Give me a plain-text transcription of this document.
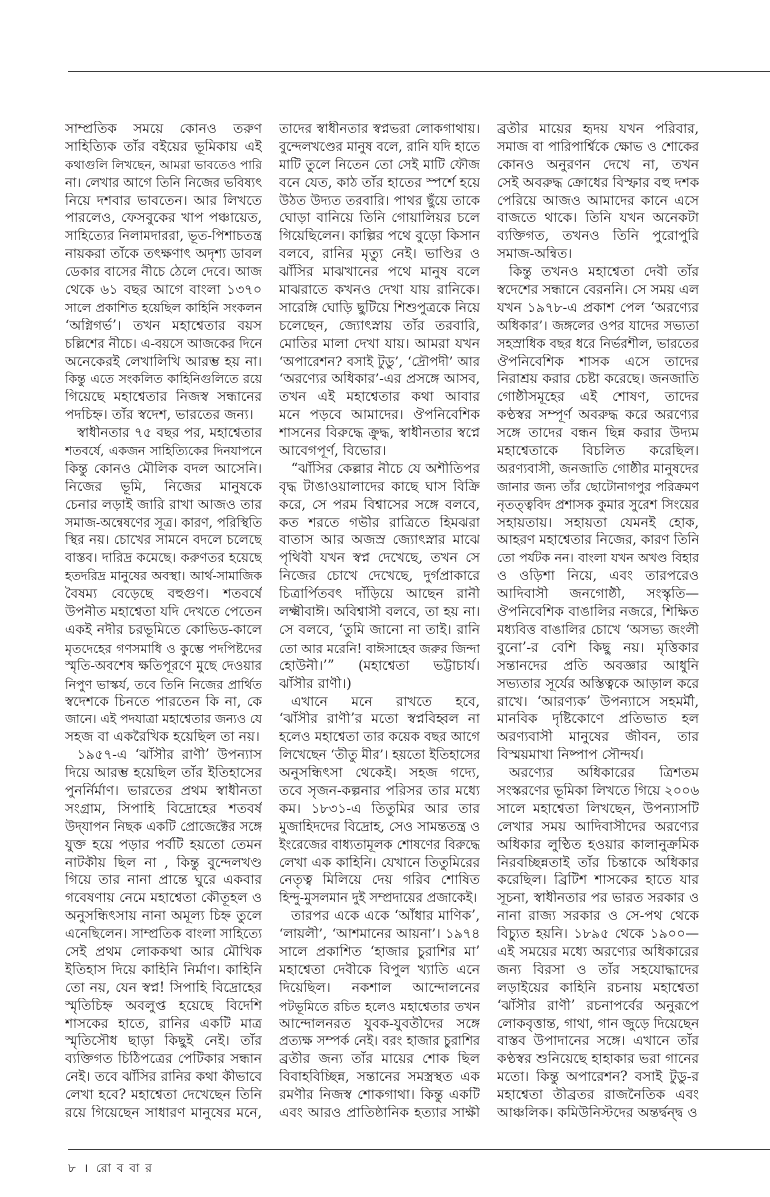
সাম্প্রতিক সময়ে কোনও তরুণ
সাহিত্যিক তাঁর বইয়ের ভূমিকায় এই
কথাগুলি লিখছেন, আমরা ভাবতেও পারি
না। লেখার আগে তিনি নিজের ভবিষ্যৎ
নিয়ে দশবার ভাবতেন। আর লিখতে
পারলেও, ফেসবুকের খাপ পঞ্চায়েত,
সাহিত্যের নিলামদাররা, ভূত-পিশাচতন্ত্র
নায়করা তাঁকে তৎক্ষণাৎ অদৃশ্য ডাবল
ডেকার বাসের নীচে ঠেলে দেবে। আজ
থেকে ৬১ বছর আগে বাংলা ১৩৭০
সালে প্রকাশিত হয়েছিল কাহিনি সংকলন
‘অগ্নিগর্ভ’। তখন মহাশ্বেতার বয়স
চল্লিশের নীচে। এ-বয়সে আজকের দিনে
অনেকেরই লেখালিখি আরম্ভ হয় না।
কিন্তু এতে সংকলিত কাহিনিগুলিতে রয়ে
গিয়েছে মহাশ্বেতার নিজস্ব সন্ধানের
পদচিহ্ন। তাঁর স্বদেশ, ভারতের জন্য।
স্বাধীনতার ৭৫ বছর পর, মহাশ্বেতার
শতবর্ষে, একজন সাহিত্যিকের দিনযাপনে
কিন্তু কোনও মৌলিক বদল আসেনি।
নিজের ভূমি, নিজের মানুষকে
চেনার লড়াই জারি রাখা আজও তার
সমাজ-অন্বেষণের সূত্র। কারণ, পরিস্থিতি
স্থির নয়। চোখের সামনে বদলে চলেছে
বাস্তব। দারিদ্র কমেছে। করুণতর হয়েছে
হতদরিদ্র মানুষের অবস্থা। আর্থ-সামাজিক
বৈষম্য বেড়েছে বহুগুণ। শতবর্ষে
উপনীত মহাশ্বেতা যদি দেখতে পেতেন
একই নদীর চরভূমিতে কোভিড-কালে
মৃতদেহের গণসমাধি ও কুম্ভে পদপিষ্টদের
স্মৃতি-অবশেষ ক্ষতিপূরণে মুছে দেওয়ার
নিপুণ ভাস্কর্য, তবে তিনি নিজের প্রার্থিত
স্বদেশকে চিনতে পারতেন কি না, কে
জানে। এই পদযাত্রা মহাশ্বেতার জন্যও যে
সহজ বা একরৈখিক হয়েছিল তা নয়।
১৯৫৭-এ ‘ঝাঁসীর রাণী’ উপন্যাস
দিয়ে আরম্ভ হয়েছিল তাঁর ইতিহাসের
পুনর্নির্মাণ। ভারতের প্রথম স্বাধীনতা
সংগ্রাম, সিপাহি বিদ্রোহের শতবর্ষ
উদ্‌যাপন নিছক একটি প্রোজেক্টের সঙ্গে
যুক্ত হয়ে পড়ার পর্বটি হয়তো তেমন
নাটকীয় ছিল না , কিন্তু বুন্দেলখণ্ড
গিয়ে তার নানা প্রান্তে ঘুরে একবার
গবেষণায় নেমে মহাশ্বেতা কৌতূহল ও
অনুসন্ধিৎসায় নানা অমূল্য চিহ্ন তুলে
এনেছিলেন। সাম্প্রতিক বাংলা সাহিত্যে
সেই প্রথম লোককথা আর মৌখিক
ইতিহাস দিয়ে কাহিনি নির্মাণ। কাহিনি
তো নয়, যেন স্বপ্ন! সিপাহি বিদ্রোহের
স্মৃতিচিহ্ন অবলুপ্ত হয়েছে বিদেশি
শাসকের হাতে, রানির একটি মাত্র
স্মৃতিসৌধ ছাড়া কিছুই নেই। তাঁর
ব্যক্তিগত চিঠিপত্রের পেটিকার সন্ধান
নেই। তবে ঝাঁসির রানির কথা কীভাবে
লেখা হবে? মহাশ্বেতা দেখেছেন তিনি
রয়ে গিয়েছেন সাধারণ মানুষের মনে,
তাদের স্বাধীনতার স্বপ্নভরা লোকগাথায়।
বুন্দেলখণ্ডের মানুষ বলে, রানি যদি হাতে
মাটি তুলে নিতেন তো সেই মাটি ফৌজ
বনে যেত, কাঠ তাঁর হাতের স্পর্শে হয়ে
উঠত উদ্যত তরবারি। পাথর ছুঁয়ে তাকে
ঘোড়া বানিয়ে তিনি গোয়ালিয়র চলে
গিয়েছিলেন। কাল্পির পথে বুড়ো কিসান
বলবে, রানির মৃত্যু নেই। ভাণ্ডির ও
ঝাঁসির মাঝখানের পথে মানুষ বলে
মাঝরাতে কখনও দেখা যায় রানিকে।
সারেঙ্গি ঘোড়ি ছুটিয়ে শিশুপুত্রকে নিয়ে
চলেছেন, জ্যোৎস্নায় তাঁর তরবারি,
মোতির মালা দেখা যায়। আমরা যখন
‘অপারেশন? বসাই টুডু’, ‘দ্রৌপদী’ আর
‘অরণ্যের অধিকার’-এর প্রসঙ্গে আসব,
তখন এই মহাশ্বেতার কথা আবার
মনে পড়বে আমাদের। ঔপনিবেশিক
শাসনের বিরুদ্ধে ক্রুদ্ধ, স্বাধীনতার স্বপ্নে
আবেগপূর্ণ, বিভোর।
“ঝাঁসির কেল্লার নীচে যে অশীতিপর
বৃদ্ধ টাঙাওয়ালাদের কাছে ঘাস বিক্রি
করে, সে পরম বিশ্বাসের সঙ্গে বলবে,
কত শরতে গভীর রাত্রিতে হিমঝরা
বাতাস আর অজস্র জ্যোৎস্নার মাঝে
পৃথিবী যখন স্বপ্ন দেখেছে, তখন সে
নিজের চোখে দেখেছে, দুর্গপ্রাকারে
চিত্রার্পিতবৎ দাঁড়িয়ে আছেন রানী
লক্ষ্মীবাঈ। অবিশ্বাসী বলবে, তা হয় না।
সে বলবে, ‘তুমি জানো না তাই। রানি
তো আর মরেনি! বাঈসাহেব জরুর জিন্দা
হোউনী।’” (মহাশ্বেতা ভট্টাচার্য।
ঝাঁসীর রাণী।)
এখানে মনে রাখতে হবে,
‘ঝাঁসীর রাণী’র মতো স্বপ্নবিহ্বল না
হলেও মহাশ্বেতা তার কয়েক বছর আগে
লিখেছেন ‘তীতু মীর’। হয়তো ইতিহাসের
অনুসন্ধিৎসা থেকেই। সহজ গদ্যে,
তবে সৃজন-কল্পনার পরিসর তার মধ্যে
কম। ১৮৩১-এ তিতুমির আর তার
মুজাহিদদের বিদ্রোহ, সেও সামন্ততন্ত্র ও
ইংরেজের বাধ্যতামূলক শোষণের বিরুদ্ধে
লেখা এক কাহিনি। যেখানে তিতুমিরের
নেতৃত্ব মিলিয়ে দেয় গরিব শোষিত
হিন্দু-মুসলমান দুই সম্প্রদায়ের প্রজাকেই।
তারপর একে একে ‘আঁধার মাণিক’,
‘লায়লী’, ‘আশমানের আয়না’। ১৯৭৪
সালে প্রকাশিত ‘হাজার চুরাশির মা’
মহাশ্বেতা দেবীকে বিপুল খ্যাতি এনে
দিয়েছিল। নকশাল আন্দোলনের
পটভূমিতে রচিত হলেও মহাশ্বেতার তখন
আন্দোলনরত যুবক-যুবতীদের সঙ্গে
প্রত্যক্ষ সম্পর্ক নেই। বরং হাজার চুরাশির
ব্রতীর জন্য তাঁর মায়ের শোক ছিল
বিবাহবিচ্ছিন্ন, সন্তানের সমস্ত্রস্থত এক
রমণীর নিজস্ব শোকগাথা। কিন্তু একটি
এবং আরও প্রাতিষ্ঠানিক হত্যার সাক্ষী
ব্রতীর মায়ের হৃদয় যখন পরিবার,
সমাজ বা পারিপার্শ্বিকে ক্ষোভ ও শোকের
কোনও অনুরণন দেখে না, তখন
সেই অবরুদ্ধ ক্রোধের বিস্ফার বহু দশক
পেরিয়ে আজও আমাদের কানে এসে
বাজতে থাকে। তিনি যখন অনেকটা
ব্যক্তিগত, তখনও তিনি পুরোপুরি
সমাজ-অন্বিত।
কিন্তু তখনও মহাশ্বেতা দেবী তাঁর
স্বদেশের সন্ধানে বেরননি। সে সময় এল
যখন ১৯৭৮-এ প্রকাশ পেল ‘অরণ্যের
অধিকার’। জঙ্গলের ওপর যাদের সভ্যতা
সহস্রাধিক বছর ধরে নির্ভরশীল, ভারতের
ঔপনিবেশিক শাসক এসে তাদের
নিরাশ্রয় করার চেষ্টা করেছে। জনজাতি
গোষ্ঠীসমূহের এই শোষণ, তাদের
কণ্ঠস্বর সম্পূর্ণ অবরুদ্ধ করে অরণ্যের
সঙ্গে তাদের বন্ধন ছিন্ন করার উদ্যম
মহাশ্বেতাকে বিচলিত করেছিল।
অরণ্যবাসী, জনজাতি গোষ্ঠীর মানুষদের
জানার জন্য তাঁর ছোটোনাগপুর পরিক্রমণ
নৃতত্ত্ববিদ প্রশাসক কুমার সুরেশ সিংয়ের
সহায়তায়। সহায়তা যেমনই হোক,
আহরণ মহাশ্বেতার নিজের, কারণ তিনি
তো পর্যটক নন। বাংলা যখন অখণ্ড বিহার
ও ওড়িশা নিয়ে, এবং তারপরেও
আদিবাসী জনগোষ্ঠী, সংস্কৃতি—
ঔপনিবেশিক বাঙালির নজরে, শিক্ষিত
মধ্যবিত্ত বাঙালির চোখে ‘অসভ্য জংলী
বুনো’-র বেশি কিছু নয়। মৃত্তিকার
সন্তানদের প্রতি অবজ্ঞার আধুনি
সভ্যতার সূর্যের অস্তিত্বকে আড়াল করে
রাখে। ‘আরণ্যক’ উপন্যাসে সহমর্মী,
মানবিক দৃষ্টিকোণে প্রতিভাত হল
অরণ্যবাসী মানুষের জীবন, তার
বিস্ময়মাখা নিষ্পাপ সৌন্দর্য।
অরণ্যের অধিকারের ত্রিশতম
সংস্করণের ভূমিকা লিখতে গিয়ে ২০০৬
সালে মহাশ্বেতা লিখছেন, উপন্যাসটি
লেখার সময় আদিবাসীদের অরণ্যের
অধিকার লুণ্ঠিত হওয়ার কালানুক্রমিক
নিরবচ্ছিন্নতাই তাঁর চিন্তাকে অধিকার
করেছিল। ব্রিটিশ শাসকের হাতে যার
সূচনা, স্বাধীনতার পর ভারত সরকার ও
নানা রাজ্য সরকার ও সে-পথ থেকে
বিচ্যুত হয়নি। ১৮৯৫ থেকে ১৯০০—
এই সময়ের মধ্যে অরণ্যের অধিকারের
জন্য বিরসা ও তাঁর সহযোদ্ধাদের
লড়াইয়ের কাহিনি রচনায় মহাশ্বেতা
‘ঝাঁসীর রাণী’ রচনাপর্বের অনুরূপে
লোকবৃত্তান্ত, গাথা, গান জুড়ে দিয়েছেন
বাস্তব উপাদানের সঙ্গে। এখানে তাঁর
কণ্ঠস্বর শুনিয়েছে হাহাকার ভরা গানের
মতো। কিন্তু অপারেশন? বসাই টুডু-র
মহাশ্বেতা তীব্রতর রাজনৈতিক এবং
আঞ্চলিক। কমিউনিস্টদের অন্তর্দ্বন্দ্ব ও
৮ । রো ব বা র
